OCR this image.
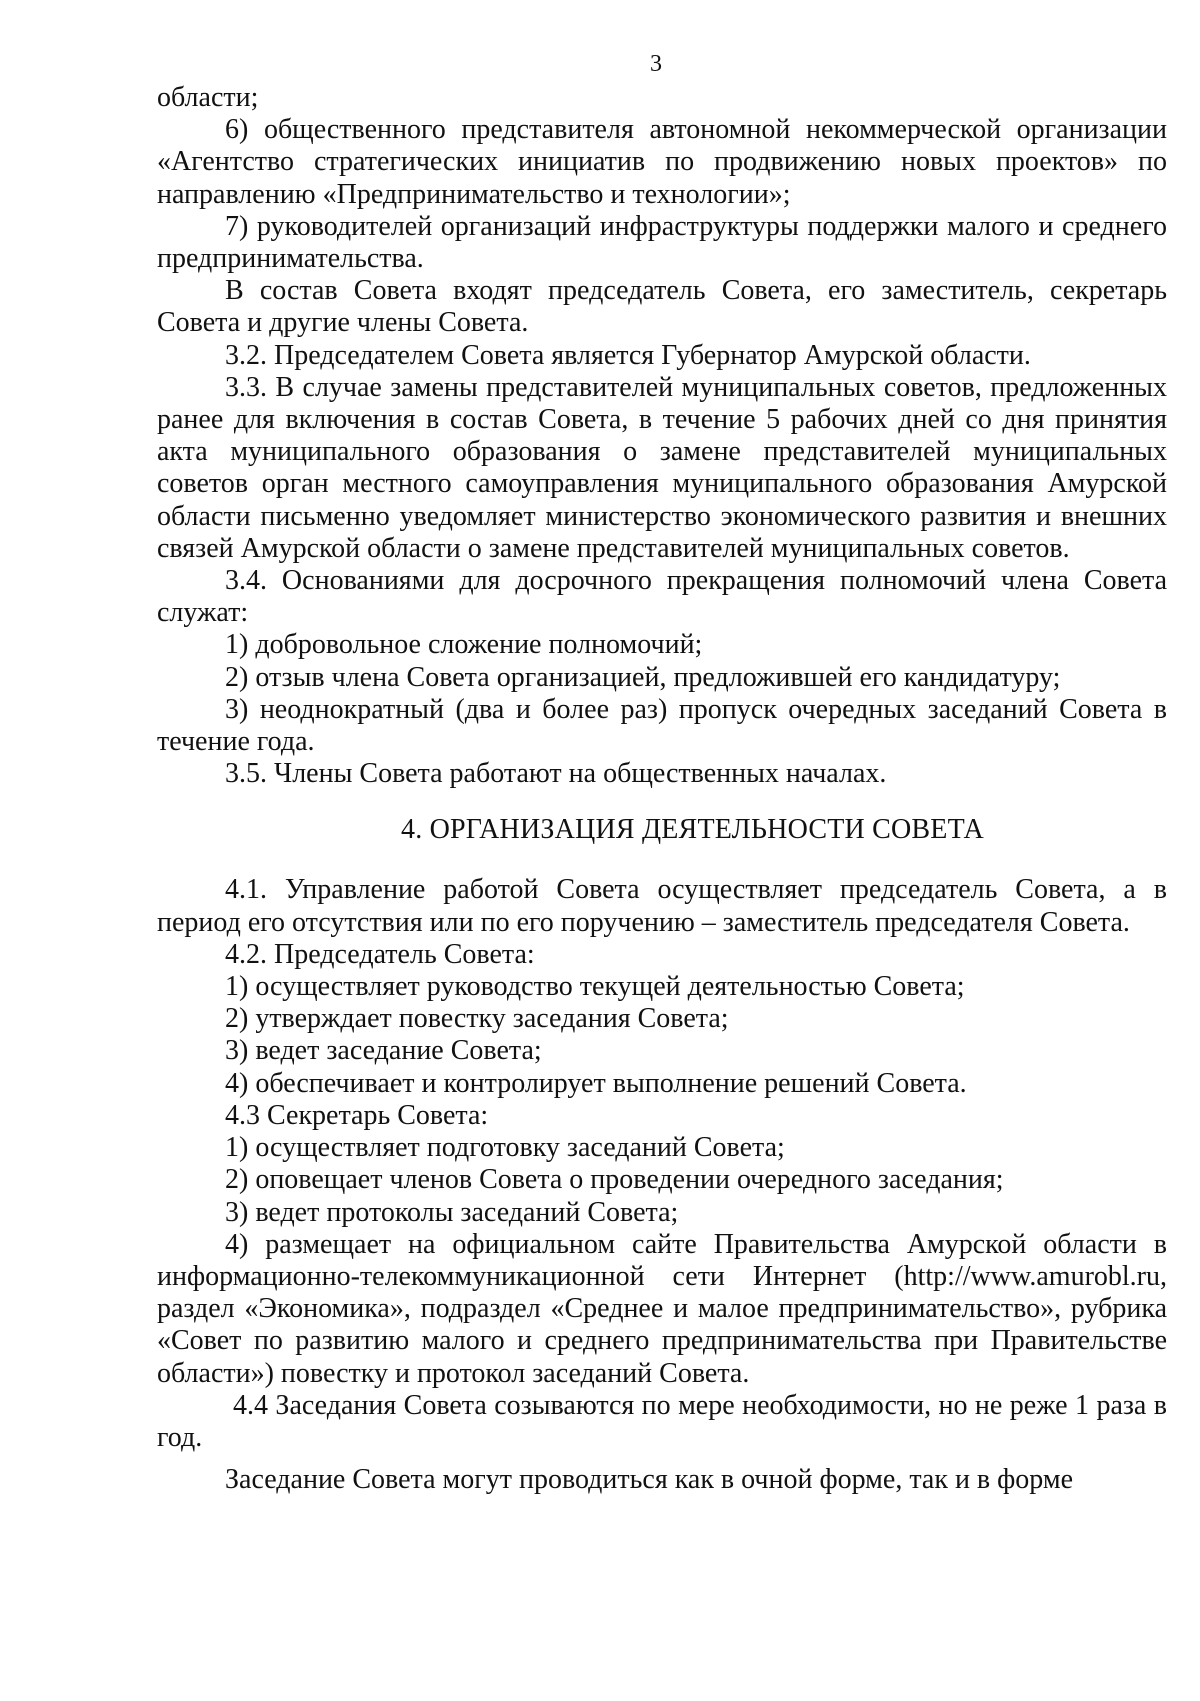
3

области;

6) общественного представителя автономной некоммерческой организации «Агентство стратегических инициатив по продвижению новых проектов» по направлению «Предпринимательство и технологии»;

7) руководителей организаций инфраструктуры поддержки малого и среднего предпринимательства.

В состав Совета входят председатель Совета, его заместитель, секретарь Совета и другие члены Совета.

3.2. Председателем Совета является Губернатор Амурской области.

3.3. В случае замены представителей муниципальных советов, предложенных ранее для включения в состав Совета, в течение 5 рабочих дней со дня принятия акта муниципального образования о замене представителей муниципальных советов орган местного самоуправления муниципального образования Амурской области письменно уведомляет министерство экономического развития и внешних связей Амурской области о замене представителей муниципальных советов.

3.4. Основаниями для досрочного прекращения полномочий члена Совета служат:

1) добровольное сложение полномочий;

2) отзыв члена Совета организацией, предложившей его кандидатуру;

3) неоднократный (два и более раз) пропуск очередных заседаний Совета в течение года.

3.5. Члены Совета работают на общественных началах.

4. ОРГАНИЗАЦИЯ ДЕЯТЕЛЬНОСТИ СОВЕТА

4.1. Управление работой Совета осуществляет председатель Совета, а в период его отсутствия или по его поручению – заместитель председателя Совета.

4.2. Председатель Совета:

1) осуществляет руководство текущей деятельностью Совета;

2) утверждает повестку заседания Совета;

3) ведет заседание Совета;

4) обеспечивает и контролирует выполнение решений Совета.

4.3 Секретарь Совета:

1) осуществляет подготовку заседаний Совета;

2) оповещает членов Совета о проведении очередного заседания;

3) ведет протоколы заседаний Совета;

4) размещает на официальном сайте Правительства Амурской области в информационно-телекоммуникационной сети Интернет (http://www.amurobl.ru, раздел «Экономика», подраздел «Среднее и малое предпринимательство», рубрика «Совет по развитию малого и среднего предпринимательства при Правительстве области») повестку и протокол заседаний Совета.

4.4 Заседания Совета созываются по мере необходимости, но не реже 1 раза в год.

Заседание Совета могут проводиться как в очной форме, так и в форме
